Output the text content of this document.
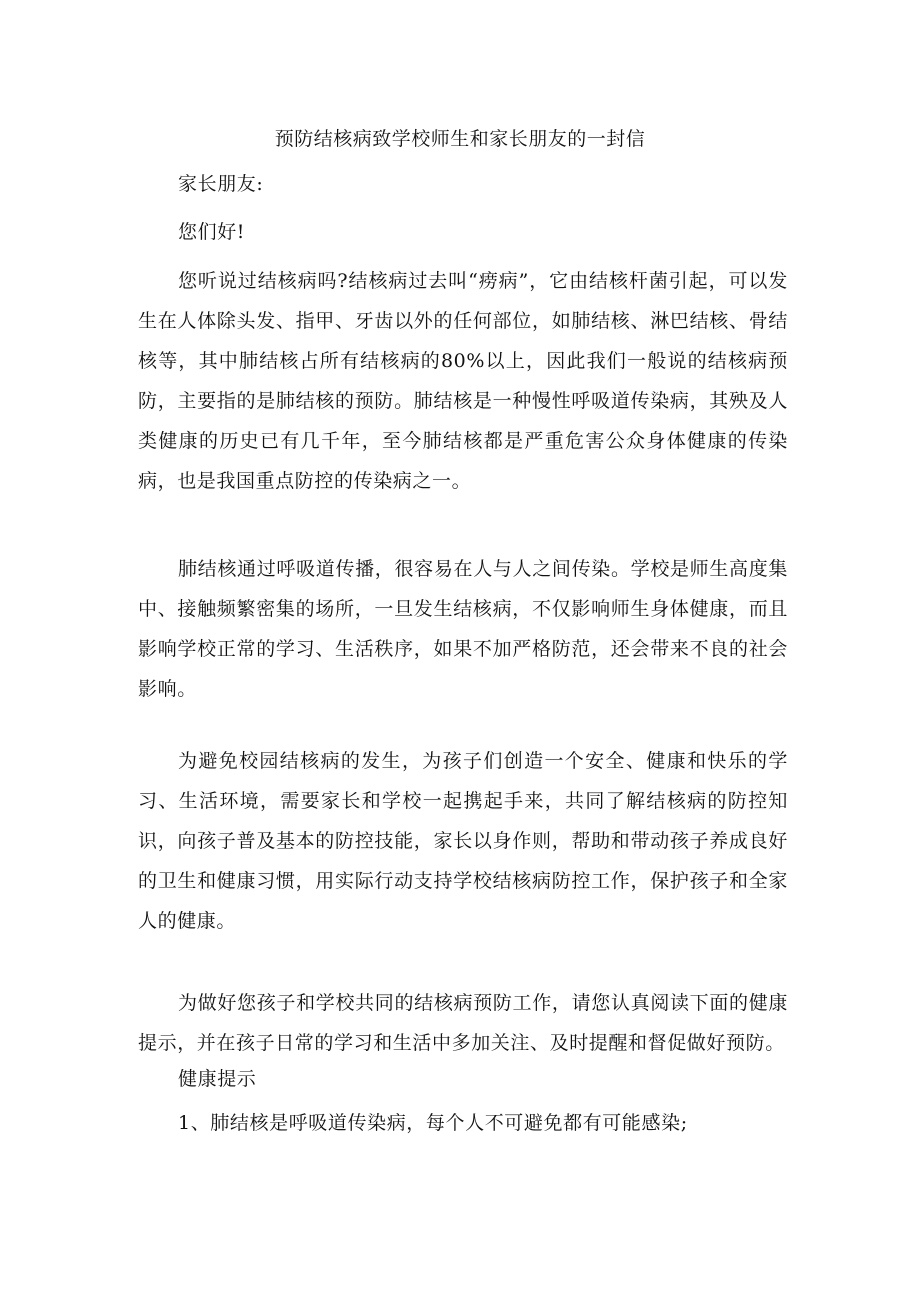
预防结核病致学校师生和家长朋友的一封信
家长朋友:
您们好!
您听说过结核病吗?结核病过去叫“痨病”，它由结核杆菌引起，可以发生在人体除头发、指甲、牙齿以外的任何部位，如肺结核、淋巴结核、骨结核等，其中肺结核占所有结核病的80%以上，因此我们一般说的结核病预防，主要指的是肺结核的预防。肺结核是一种慢性呼吸道传染病，其殃及人类健康的历史已有几千年，至今肺结核都是严重危害公众身体健康的传染病，也是我国重点防控的传染病之一。
肺结核通过呼吸道传播，很容易在人与人之间传染。学校是师生高度集中、接触频繁密集的场所，一旦发生结核病，不仅影响师生身体健康，而且影响学校正常的学习、生活秩序，如果不加严格防范，还会带来不良的社会影响。
为避免校园结核病的发生，为孩子们创造一个安全、健康和快乐的学习、生活环境，需要家长和学校一起携起手来，共同了解结核病的防控知识，向孩子普及基本的防控技能，家长以身作则，帮助和带动孩子养成良好的卫生和健康习惯，用实际行动支持学校结核病防控工作，保护孩子和全家人的健康。
为做好您孩子和学校共同的结核病预防工作，请您认真阅读下面的健康提示，并在孩子日常的学习和生活中多加关注、及时提醒和督促做好预防。
健康提示
1、肺结核是呼吸道传染病，每个人不可避免都有可能感染;
